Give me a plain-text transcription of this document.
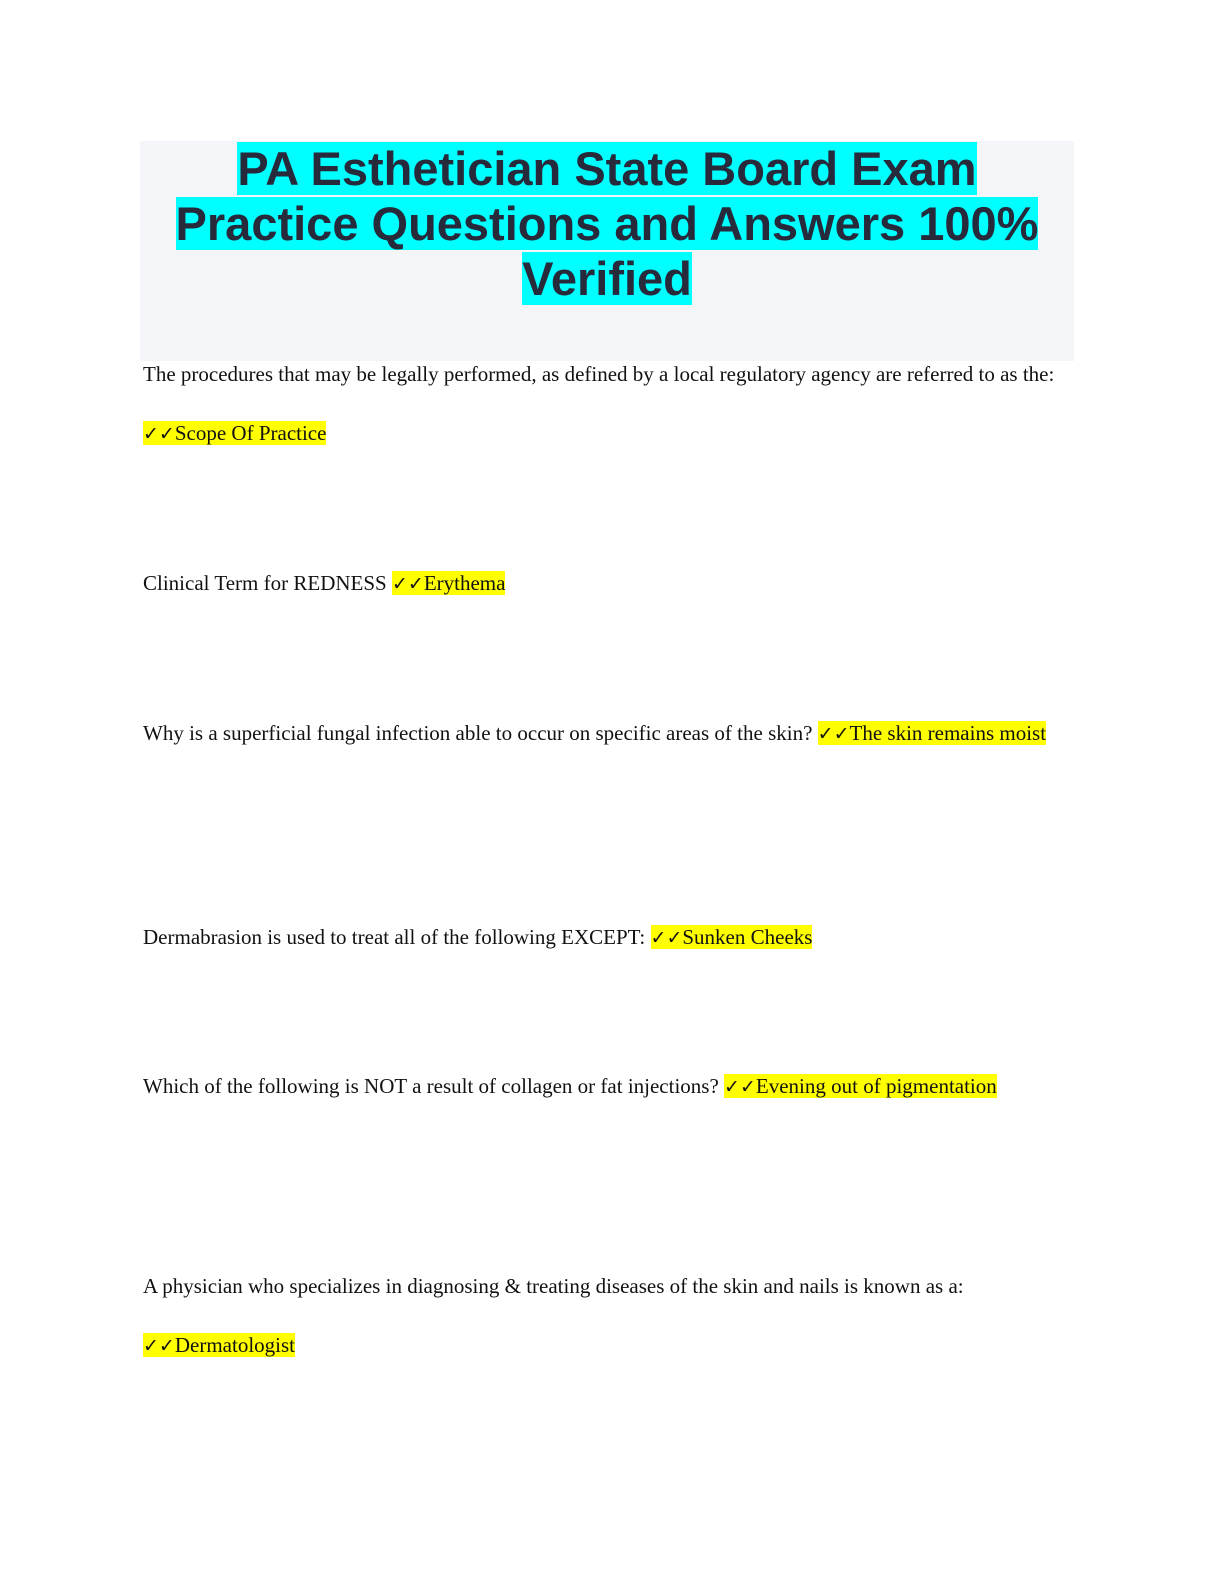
PA Esthetician State Board Exam Practice Questions and Answers 100% Verified

The procedures that may be legally performed, as defined by a local regulatory agency are referred to as the: ✓✓Scope Of Practice

Clinical Term for REDNESS ✓✓Erythema

Why is a superficial fungal infection able to occur on specific areas of the skin? ✓✓The skin remains moist

Dermabrasion is used to treat all of the following EXCEPT: ✓✓Sunken Cheeks

Which of the following is NOT a result of collagen or fat injections? ✓✓Evening out of pigmentation

A physician who specializes in diagnosing & treating diseases of the skin and nails is known as a: ✓✓Dermatologist
